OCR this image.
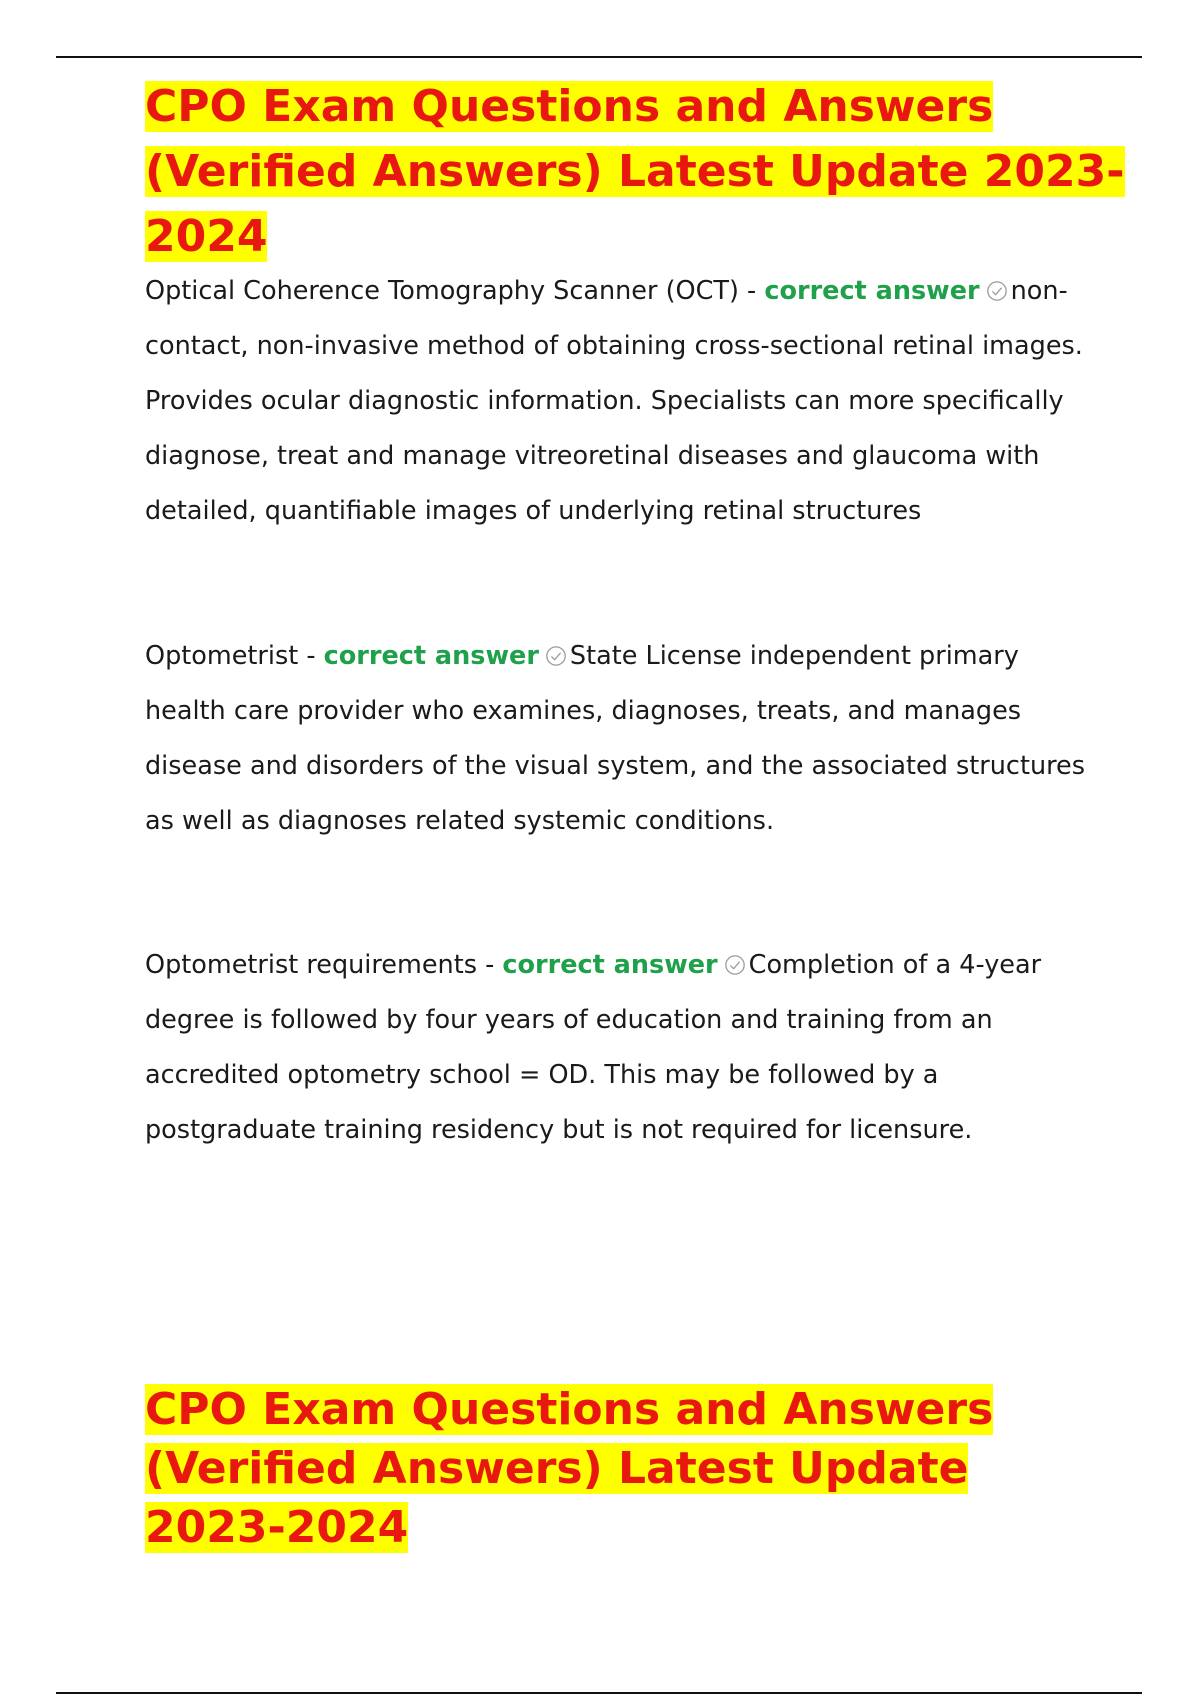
CPO Exam Questions and Answers (Verified Answers) Latest Update 2023-2024

Optical Coherence Tomography Scanner (OCT) - correct answer non-contact, non-invasive method of obtaining cross-sectional retinal images. Provides ocular diagnostic information. Specialists can more specifically diagnose, treat and manage vitreoretinal diseases and glaucoma with detailed, quantifiable images of underlying retinal structures

Optometrist - correct answer State License independent primary health care provider who examines, diagnoses, treats, and manages disease and disorders of the visual system, and the associated structures as well as diagnoses related systemic conditions.

Optometrist requirements - correct answer Completion of a 4-year degree is followed by four years of education and training from an accredited optometry school = OD. This may be followed by a postgraduate training residency but is not required for licensure.

CPO Exam Questions and Answers (Verified Answers) Latest Update 2023-2024
